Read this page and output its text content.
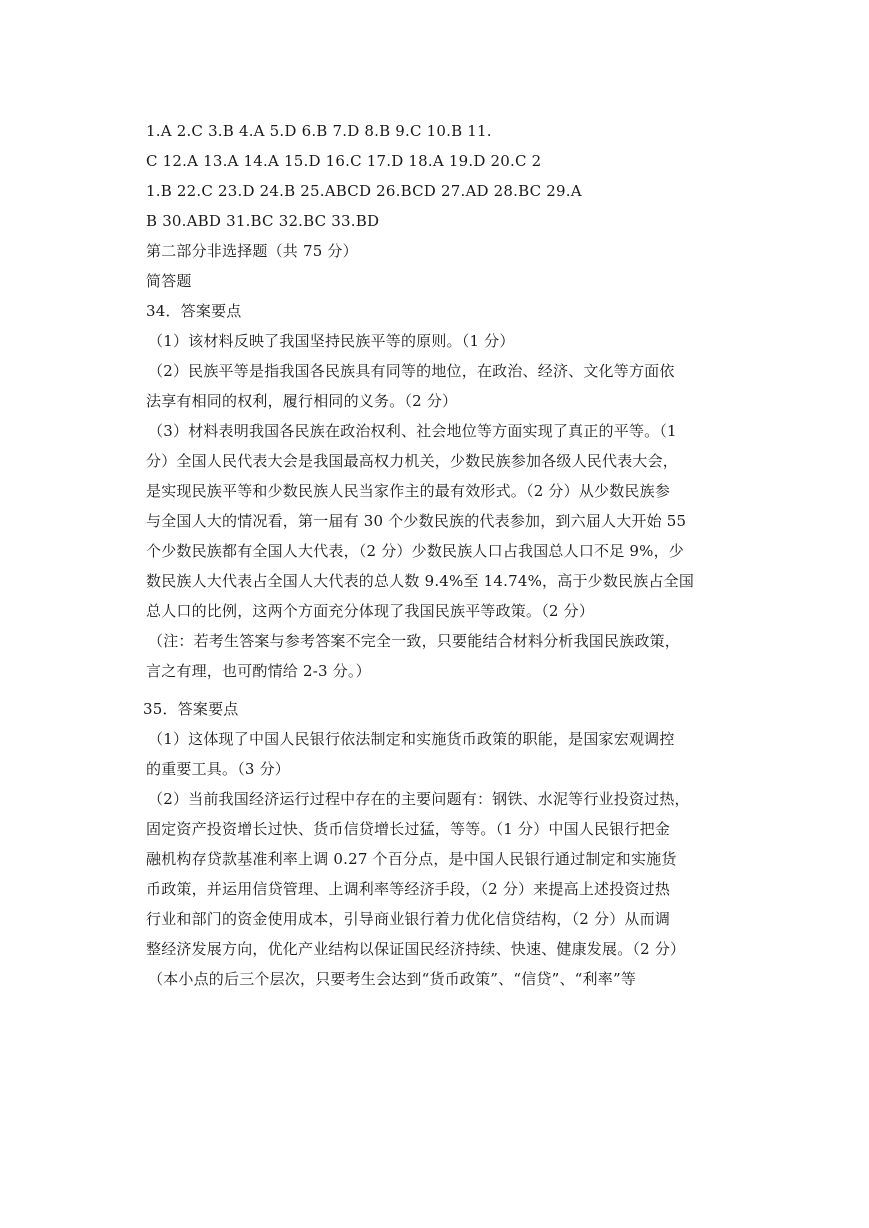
1.A 2.C 3.B 4.A 5.D 6.B 7.D 8.B 9.C 10.B 11.
C 12.A 13.A 14.A 15.D 16.C 17.D 18.A 19.D 20.C 2
1.B 22.C 23.D 24.B 25.ABCD 26.BCD 27.AD 28.BC 29.A
B 30.ABD 31.BC 32.BC 33.BD
第二部分非选择题（共 75 分）
简答题
34．答案要点
（1）该材料反映了我国坚持民族平等的原则。（1 分）
（2）民族平等是指我国各民族具有同等的地位，在政治、经济、文化等方面依
法享有相同的权利，履行相同的义务。（2 分）
（3）材料表明我国各民族在政治权利、社会地位等方面实现了真正的平等。（1
分）全国人民代表大会是我国最高权力机关，少数民族参加各级人民代表大会，
是实现民族平等和少数民族人民当家作主的最有效形式。（2 分）从少数民族参
与全国人大的情况看，第一届有 30 个少数民族的代表参加，到六届人大开始 55
个少数民族都有全国人大代表，（2 分）少数民族人口占我国总人口不足 9%，少
数民族人大代表占全国人大代表的总人数 9.4%至 14.74%，高于少数民族占全国
总人口的比例，这两个方面充分体现了我国民族平等政策。（2 分）
（注：若考生答案与参考答案不完全一致，只要能结合材料分析我国民族政策，
言之有理，也可酌情给 2-3 分。）
35．答案要点
（1）这体现了中国人民银行依法制定和实施货币政策的职能，是国家宏观调控
的重要工具。（3 分）
（2）当前我国经济运行过程中存在的主要问题有：钢铁、水泥等行业投资过热，
固定资产投资增长过快、货币信贷增长过猛，等等。（1 分）中国人民银行把金
融机构存贷款基准利率上调 0.27 个百分点，是中国人民银行通过制定和实施货
币政策，并运用信贷管理、上调利率等经济手段，（2 分）来提高上述投资过热
行业和部门的资金使用成本，引导商业银行着力优化信贷结构，（2 分）从而调
整经济发展方向，优化产业结构以保证国民经济持续、快速、健康发展。（2 分）
（本小点的后三个层次，只要考生会达到“货币政策”、“信贷”、“利率”等
